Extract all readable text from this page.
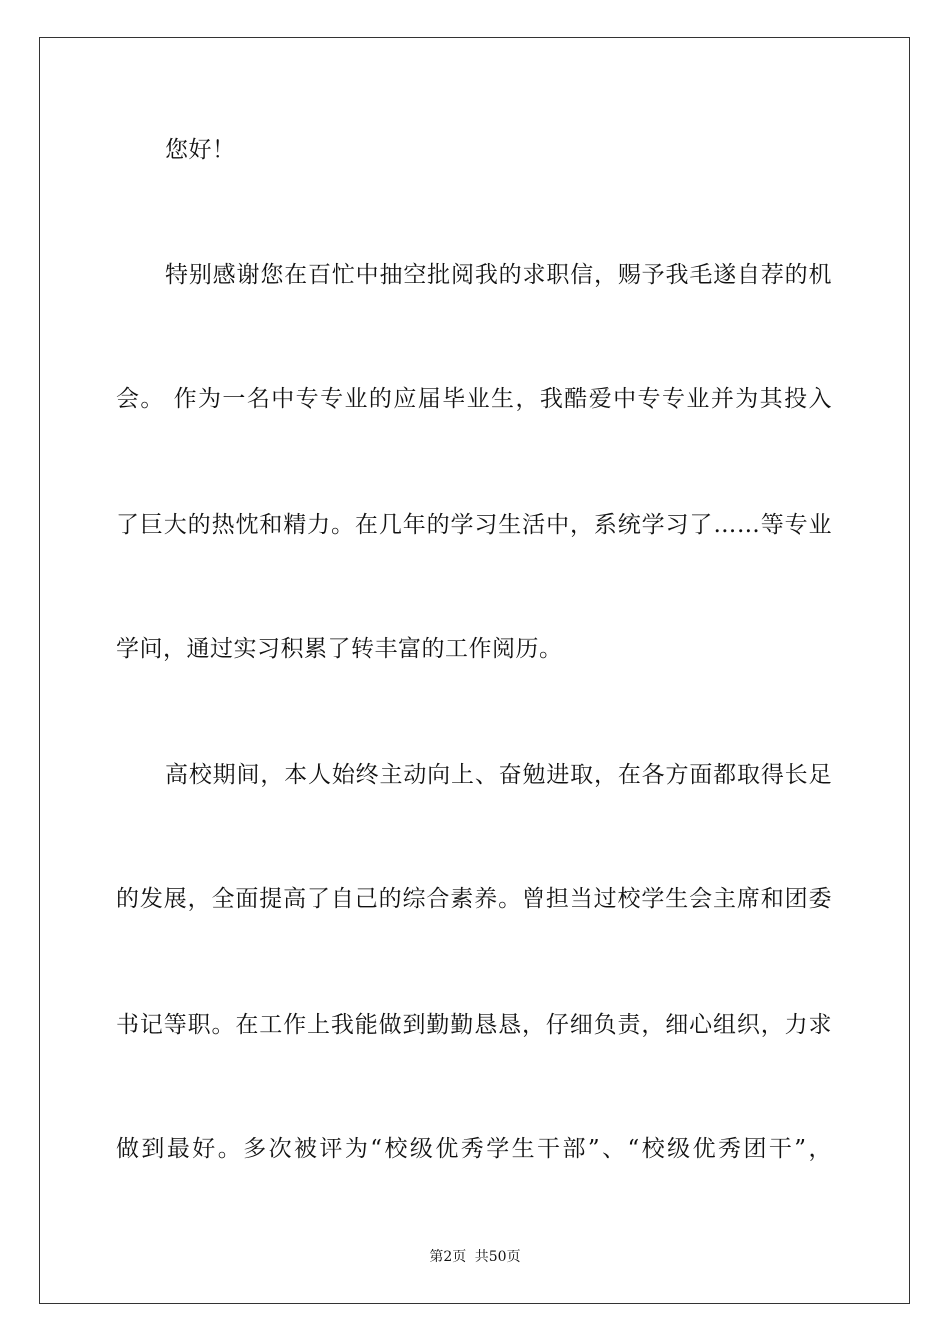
您好！
特别感谢您在百忙中抽空批阅我的求职信，赐予我毛遂自荐的机
会。 作为一名中专专业的应届毕业生，我酷爱中专专业并为其投入
了巨大的热忱和精力。在几年的学习生活中，系统学习了……等专业
学问，通过实习积累了转丰富的工作阅历。
高校期间，本人始终主动向上、奋勉进取，在各方面都取得长足
的发展，全面提高了自己的综合素养。曾担当过校学生会主席和团委
书记等职。在工作上我能做到勤勤恳恳，仔细负责，细心组织，力求
做到最好。多次被评为“校级优秀学生干部”、“校级优秀团干”，
第2页 共50页
